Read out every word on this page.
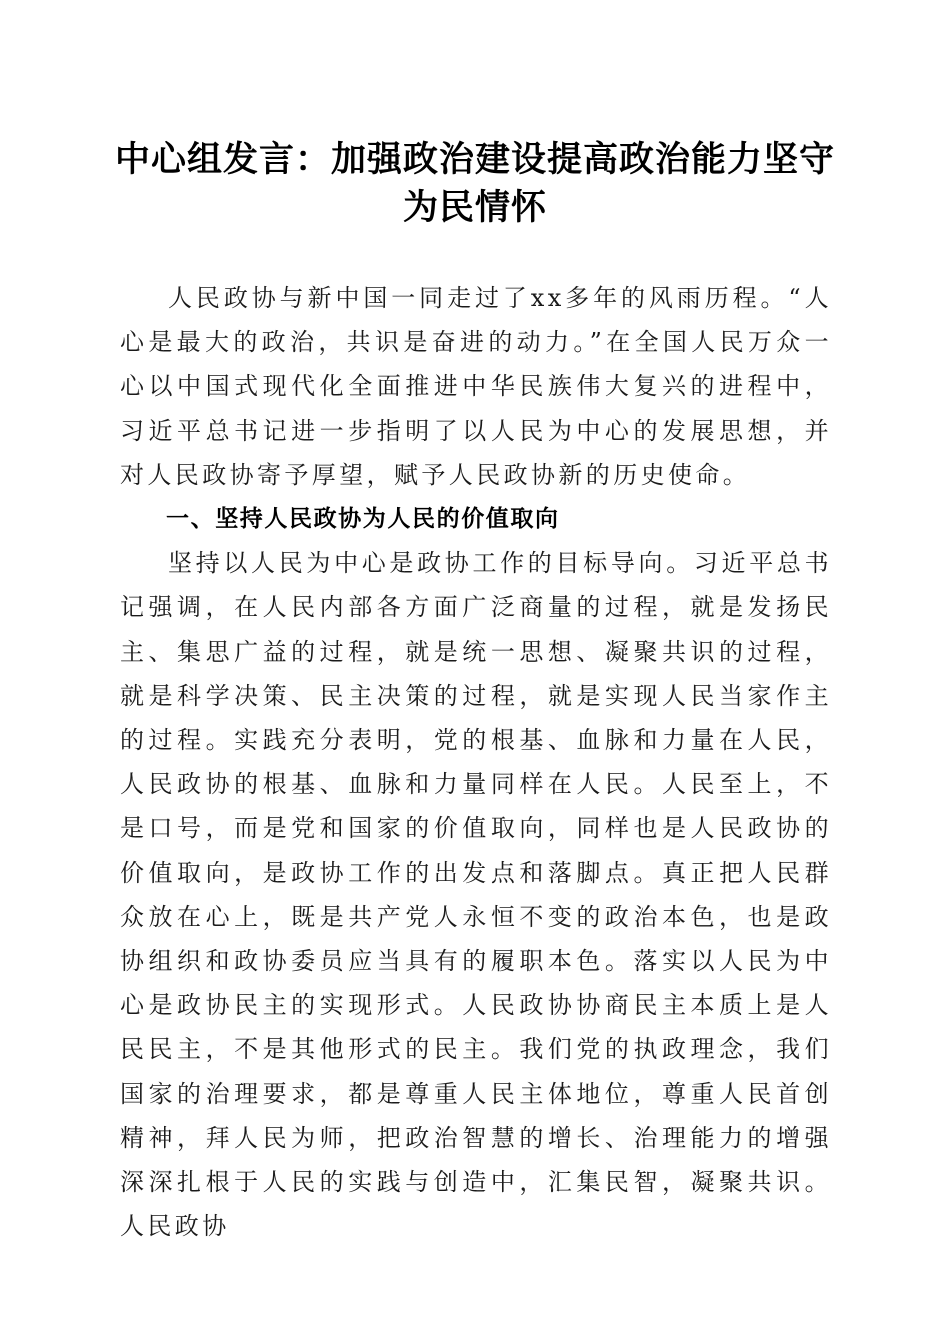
中心组发言：加强政治建设提高政治能力坚守为民情怀

人民政协与新中国一同走过了xx多年的风雨历程。“人心是最大的政治，共识是奋进的动力。”在全国人民万众一心以中国式现代化全面推进中华民族伟大复兴的进程中，习近平总书记进一步指明了以人民为中心的发展思想，并对人民政协寄予厚望，赋予人民政协新的历史使命。

一、坚持人民政协为人民的价值取向

坚持以人民为中心是政协工作的目标导向。习近平总书记强调，在人民内部各方面广泛商量的过程，就是发扬民主、集思广益的过程，就是统一思想、凝聚共识的过程，就是科学决策、民主决策的过程，就是实现人民当家作主的过程。实践充分表明，党的根基、血脉和力量在人民，人民政协的根基、血脉和力量同样在人民。人民至上，不是口号，而是党和国家的价值取向，同样也是人民政协的价值取向，是政协工作的出发点和落脚点。真正把人民群众放在心上，既是共产党人永恒不变的政治本色，也是政协组织和政协委员应当具有的履职本色。落实以人民为中心是政协民主的实现形式。人民政协协商民主本质上是人民民主，不是其他形式的民主。我们党的执政理念，我们国家的治理要求，都是尊重人民主体地位，尊重人民首创精神，拜人民为师，把政治智慧的增长、治理能力的增强深深扎根于人民的实践与创造中，汇集民智，凝聚共识。人民政协
